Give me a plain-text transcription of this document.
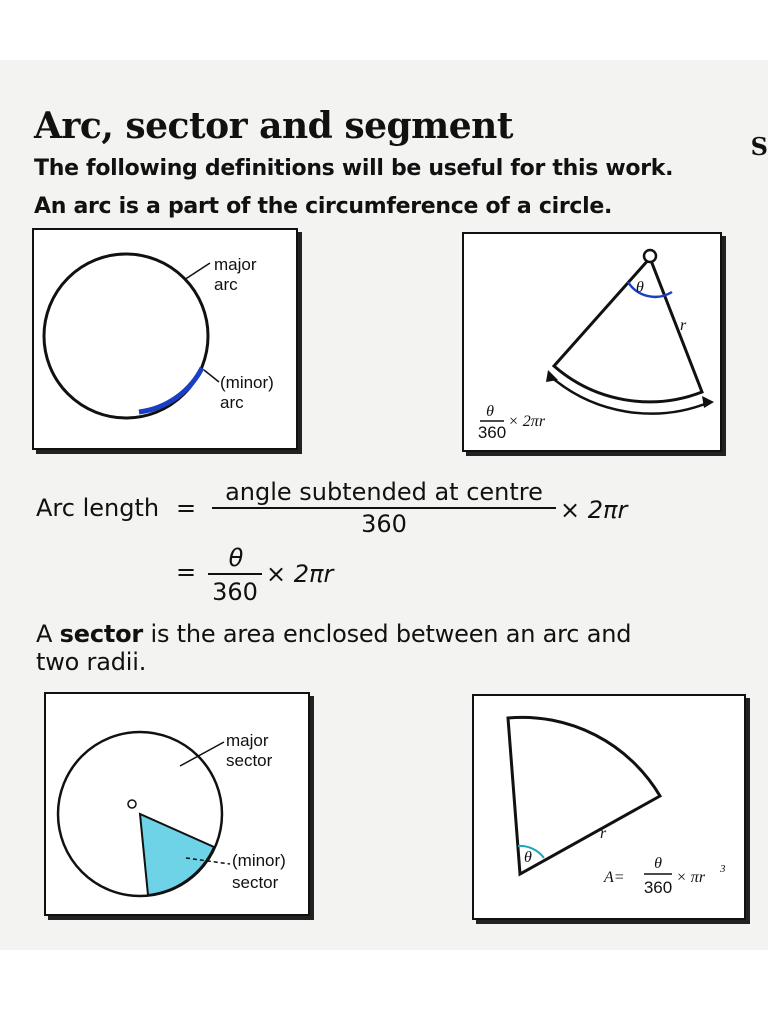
Arc, sector and segment	S
The following definitions will be useful for this work.
An arc is a part of the circumference of a circle.
major
arc
(minor)
arc
θ
r
θ
360
× 2πr
Arc length =
angle subtended at centre
360	× 2πr
= θ
360
× 2πr
A sector is the area enclosed between an arc and
two radii.
major
sector
(minor)
sector
θ
r
A=
θ
360
× πr 3
